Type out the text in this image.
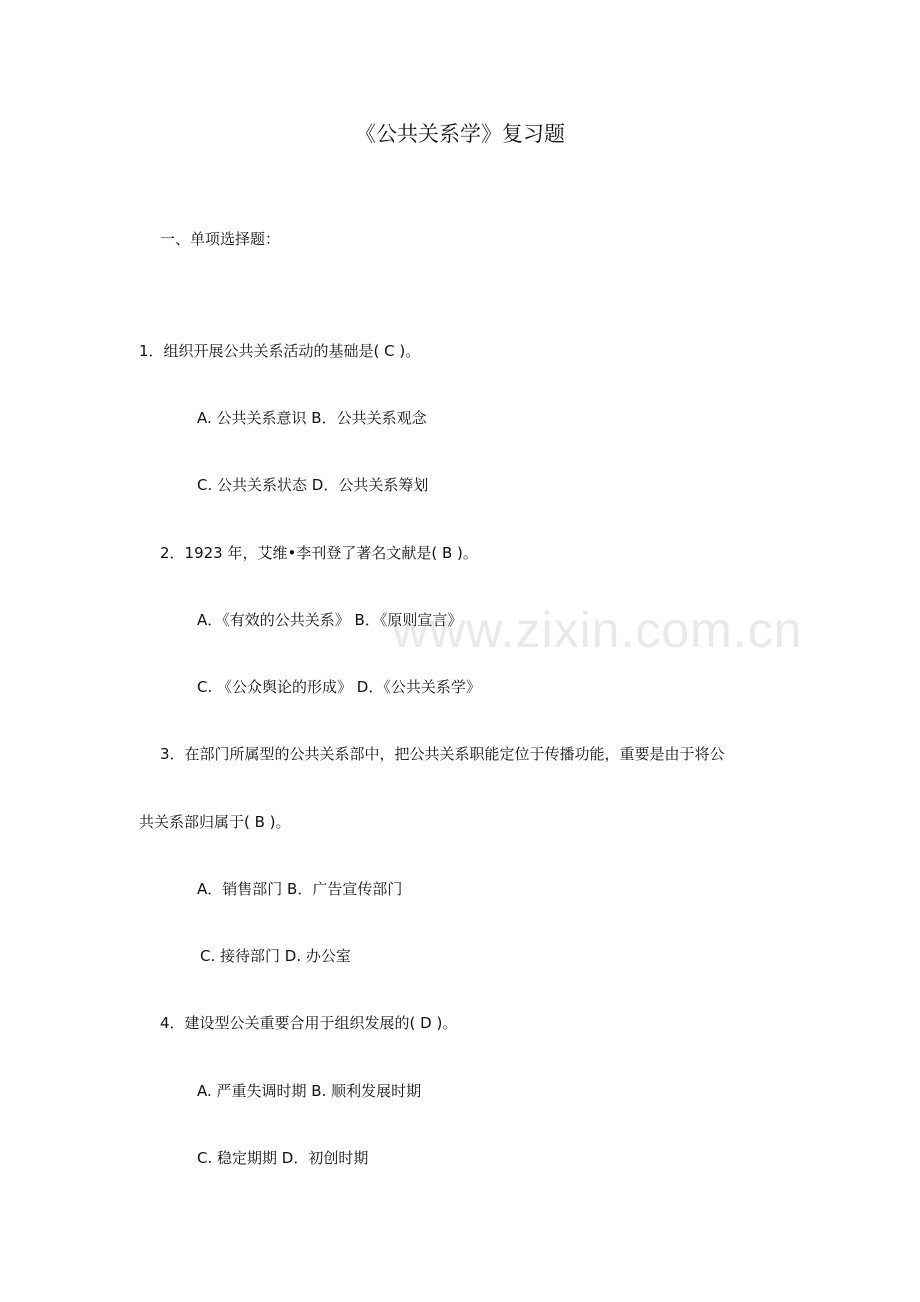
www.zixin.com.cn
《公共关系学》复习题
一、单项选择题：
1．组织开展公共关系活动的基础是( C )。
A. 公共关系意识 B．公共关系观念
C. 公共关系状态 D．公共关系筹划
2．1923 年，艾维•李刊登了著名文献是( B )。
A．《有效的公共关系》 B．《原则宣言》
C. 《公众舆论的形成》 D．《公共关系学》
3．在部门所属型的公共关系部中，把公共关系职能定位于传播功能，重要是由于将公
共关系部归属于( B )。
A．销售部门 B．广告宣传部门
C. 接待部门 D. 办公室
4．建设型公关重要合用于组织发展的( D )。
A. 严重失调时期 B. 顺利发展时期
C. 稳定期期 D．初创时期
